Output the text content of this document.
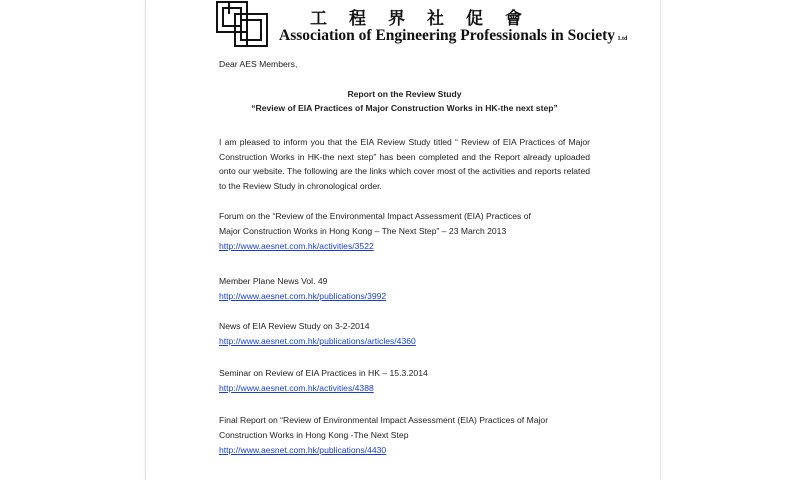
工程界社促會
Association of Engineering Professionals in Society Ltd
Dear AES Members,
Report on the Review Study
“Review of EIA Practices of Major Construction Works in HK-the next step”
I am pleased to inform you that the EIA Review Study titled “ Review of EIA Practices of Major Construction Works in HK-the next step” has been completed and the Report already uploaded onto our website. The following are the links which cover most of the activities and reports related to the Review Study in chronological order.
Forum on the “Review of the Environmental Impact Assessment (EIA) Practices of
Major Construction Works in Hong Kong – The Next Step” – 23 March 2013
http://www.aesnet.com.hk/activities/3522
Member Plane News Vol. 49
http://www.aesnet.com.hk/publications/3992
News of EIA Review Study on 3-2-2014
http://www.aesnet.com.hk/publications/articles/4360
Seminar on Review of EIA Practices in HK – 15.3.2014
http://www.aesnet.com.hk/activities/4388
Final Report on “Review of Environmental Impact Assessment (EIA) Practices of Major
Construction Works in Hong Kong -The Next Step
http://www.aesnet.com.hk/publications/4430
